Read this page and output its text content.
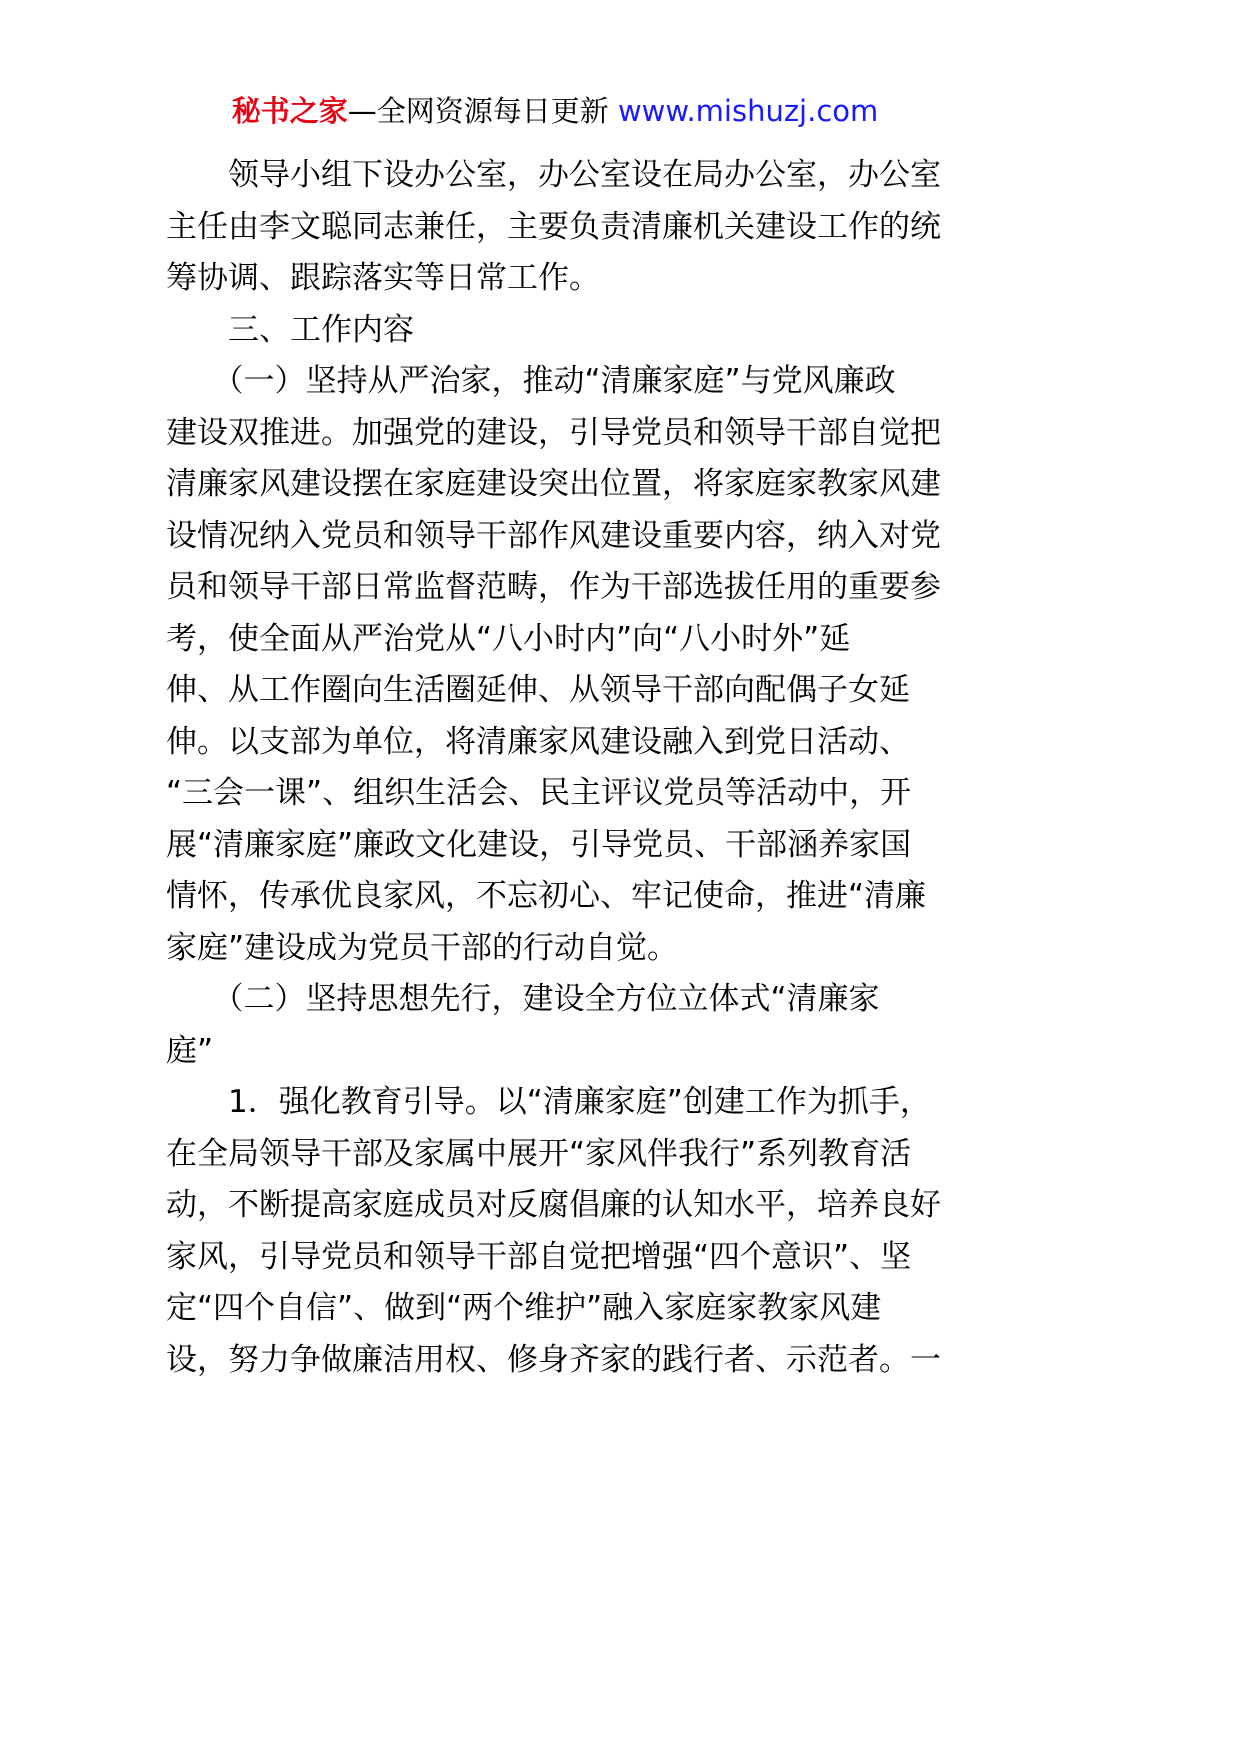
秘书之家—全网资源每日更新 www.mishuzj.com
　　领导小组下设办公室，办公室设在局办公室，办公室
主任由李文聪同志兼任，主要负责清廉机关建设工作的统
筹协调、跟踪落实等日常工作。
　　三、工作内容
　　（一）坚持从严治家，推动“清廉家庭”与党风廉政
建设双推进。加强党的建设，引导党员和领导干部自觉把
清廉家风建设摆在家庭建设突出位置，将家庭家教家风建
设情况纳入党员和领导干部作风建设重要内容，纳入对党
员和领导干部日常监督范畴，作为干部选拔任用的重要参
考，使全面从严治党从“八小时内”向“八小时外”延
伸、从工作圈向生活圈延伸、从领导干部向配偶子女延
伸。以支部为单位，将清廉家风建设融入到党日活动、
“三会一课”、组织生活会、民主评议党员等活动中，开
展“清廉家庭”廉政文化建设，引导党员、干部涵养家国
情怀，传承优良家风，不忘初心、牢记使命，推进“清廉
家庭”建设成为党员干部的行动自觉。
　　（二）坚持思想先行，建设全方位立体式“清廉家
庭”
　　1．强化教育引导。以“清廉家庭”创建工作为抓手，
在全局领导干部及家属中展开“家风伴我行”系列教育活
动，不断提高家庭成员对反腐倡廉的认知水平，培养良好
家风，引导党员和领导干部自觉把增强“四个意识”、坚
定“四个自信”、做到“两个维护”融入家庭家教家风建
设，努力争做廉洁用权、修身齐家的践行者、示范者。一
